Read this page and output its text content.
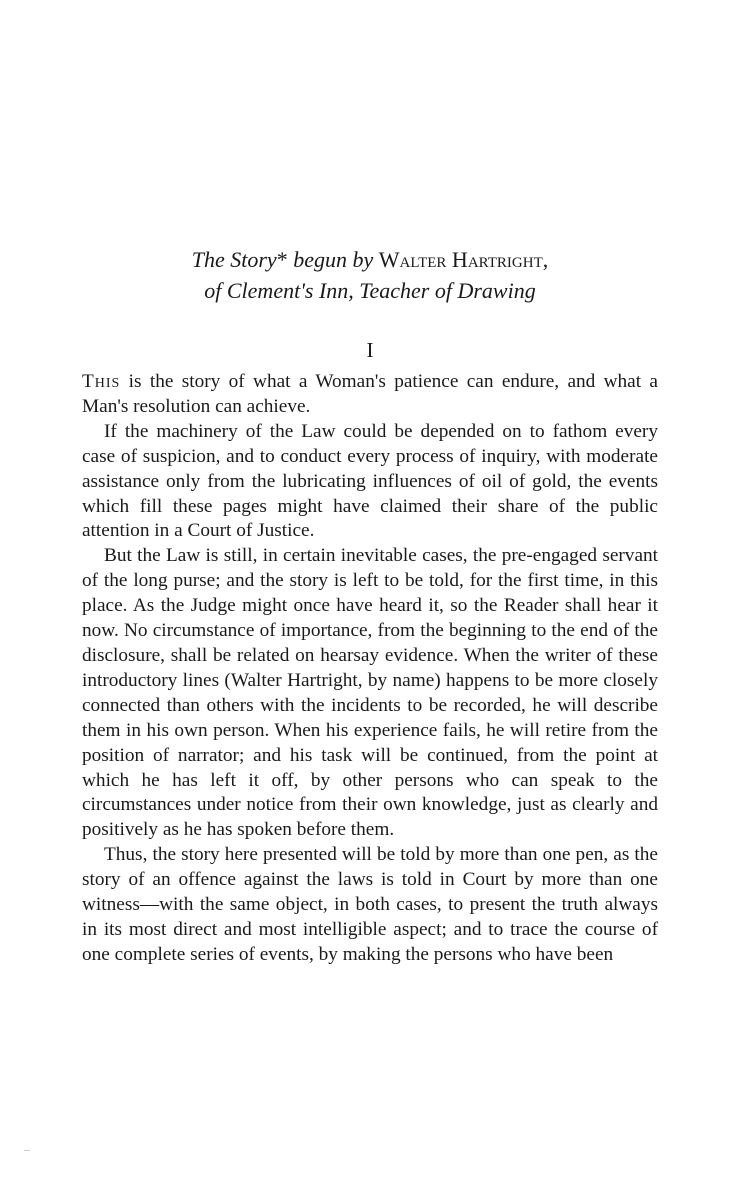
The Story* begun by Walter Hartright,
of Clement's Inn, Teacher of Drawing
I

This is the story of what a Woman's patience can endure, and what a Man's resolution can achieve.

If the machinery of the Law could be depended on to fathom every case of suspicion, and to conduct every process of inquiry, with moderate assistance only from the lubricating influences of oil of gold, the events which fill these pages might have claimed their share of the public attention in a Court of Justice.

But the Law is still, in certain inevitable cases, the pre-engaged servant of the long purse; and the story is left to be told, for the first time, in this place. As the Judge might once have heard it, so the Reader shall hear it now. No circumstance of importance, from the beginning to the end of the disclosure, shall be related on hearsay evidence. When the writer of these introductory lines (Walter Hartright, by name) happens to be more closely connected than others with the incidents to be recorded, he will describe them in his own person. When his experience fails, he will retire from the position of narrator; and his task will be continued, from the point at which he has left it off, by other persons who can speak to the circumstances under notice from their own knowledge, just as clearly and positively as he has spoken before them.

Thus, the story here presented will be told by more than one pen, as the story of an offence against the laws is told in Court by more than one witness—with the same object, in both cases, to present the truth always in its most direct and most intelligible aspect; and to trace the course of one complete series of events, by making the persons who have been
